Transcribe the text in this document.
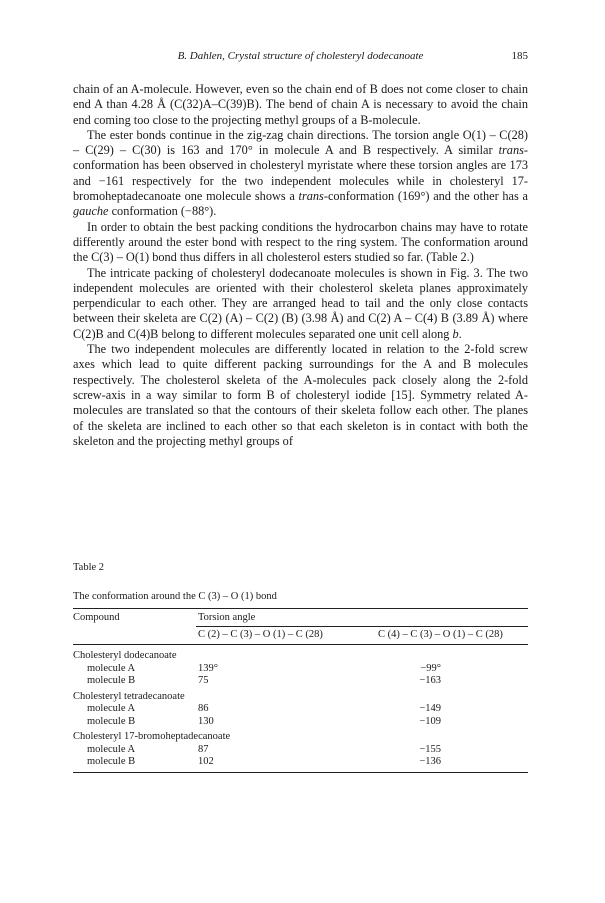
B. Dahlen, Crystal structure of cholesteryl dodecanoate	185

chain of an A-molecule. However, even so the chain end of B does not come closer to chain end A than 4.28 Å (C(32)A–C(39)B). The bend of chain A is necessary to avoid the chain end coming too close to the projecting methyl groups of a B-molecule.

The ester bonds continue in the zig-zag chain directions. The torsion angle O(1) – C(28) – C(29) – C(30) is 163 and 170° in molecule A and B respectively. A similar trans-conformation has been observed in cholesteryl myristate where these torsion angles are 173 and −161 respectively for the two independent molecules while in cholesteryl 17-bromoheptadecanoate one molecule shows a trans-conformation (169°) and the other has a gauche conformation (−88°).

In order to obtain the best packing conditions the hydrocarbon chains may have to rotate differently around the ester bond with respect to the ring system. The conformation around the C(3) – O(1) bond thus differs in all cholesterol esters studied so far. (Table 2.)

The intricate packing of cholesteryl dodecanoate molecules is shown in Fig. 3. The two independent molecules are oriented with their cholesterol skeleta planes approximately perpendicular to each other. They are arranged head to tail and the only close contacts between their skeleta are C(2) (A) – C(2) (B) (3.98 Å) and C(2) A – C(4) B (3.89 Å) where C(2)B and C(4)B belong to different molecules separated one unit cell along b.

The two independent molecules are differently located in relation to the 2-fold screw axes which lead to quite different packing surroundings for the A and B molecules respectively. The cholesterol skeleta of the A-molecules pack closely along the 2-fold screw-axis in a way similar to form B of cholesteryl iodide [15]. Symmetry related A-molecules are translated so that the contours of their skeleta follow each other. The planes of the skeleta are inclined to each other so that each skeleton is in contact with both the skeleton and the projecting methyl groups of

Table 2
The conformation around the C (3) – O (1) bond
Compound	Torsion angle
C (2) – C (3) – O (1) – C (28)	C (4) – C (3) – O (1) – C (28)
Cholesteryl dodecanoate
molecule A	139°	−99°
molecule B	75	−163
Cholesteryl tetradecanoate
molecule A	86	−149
molecule B	130	−109
Cholesteryl 17-bromoheptadecanoate
molecule A	87	−155
molecule B	102	−136
